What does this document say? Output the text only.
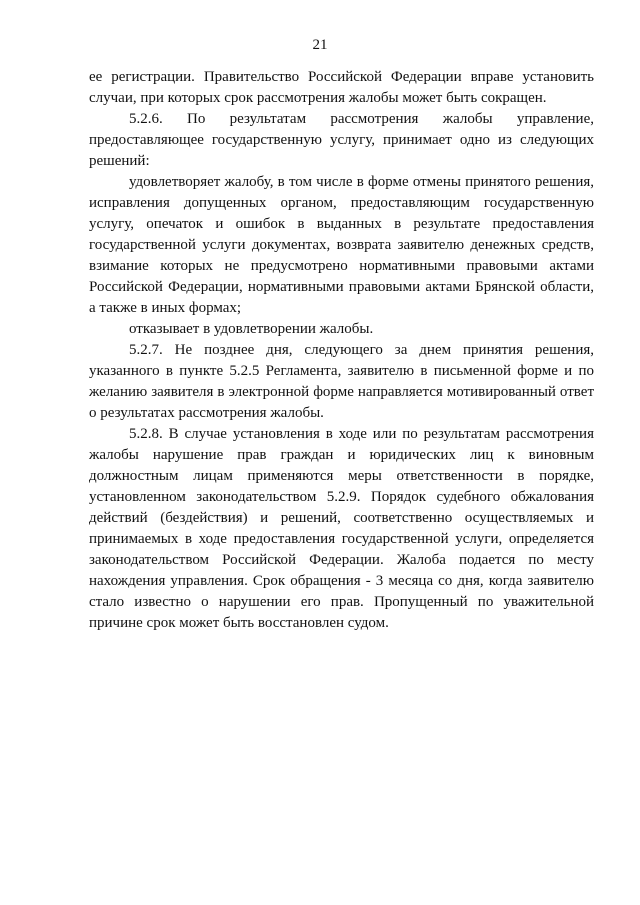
21

ее регистрации. Правительство Российской Федерации вправе установить случаи, при которых срок рассмотрения жалобы может быть сокращен.

5.2.6. По результатам рассмотрения жалобы управление, предоставляющее государственную услугу, принимает одно из следующих решений:

удовлетворяет жалобу, в том числе в форме отмены принятого решения, исправления допущенных органом, предоставляющим государственную услугу, опечаток и ошибок в выданных в результате предоставления государственной услуги документах, возврата заявителю денежных средств, взимание которых не предусмотрено нормативными правовыми актами Российской Федерации, нормативными правовыми актами Брянской области, а также в иных формах;

отказывает в удовлетворении жалобы.

5.2.7. Не позднее дня, следующего за днем принятия решения, указанного в пункте 5.2.5 Регламента, заявителю в письменной форме и по желанию заявителя в электронной форме направляется мотивированный ответ о результатах рассмотрения жалобы.

5.2.8. В случае установления в ходе или по результатам рассмотрения жалобы нарушение прав граждан и юридических лиц к виновным должностным лицам применяются меры ответственности в порядке, установленном законодательством 5.2.9. Порядок судебного обжалования действий (бездействия) и решений, соответственно осуществляемых и принимаемых в ходе предоставления государственной услуги, определяется законодательством Российской Федерации. Жалоба подается по месту нахождения управления. Срок обращения - 3 месяца со дня, когда заявителю стало известно о нарушении его прав. Пропущенный по уважительной причине срок может быть восстановлен судом.
